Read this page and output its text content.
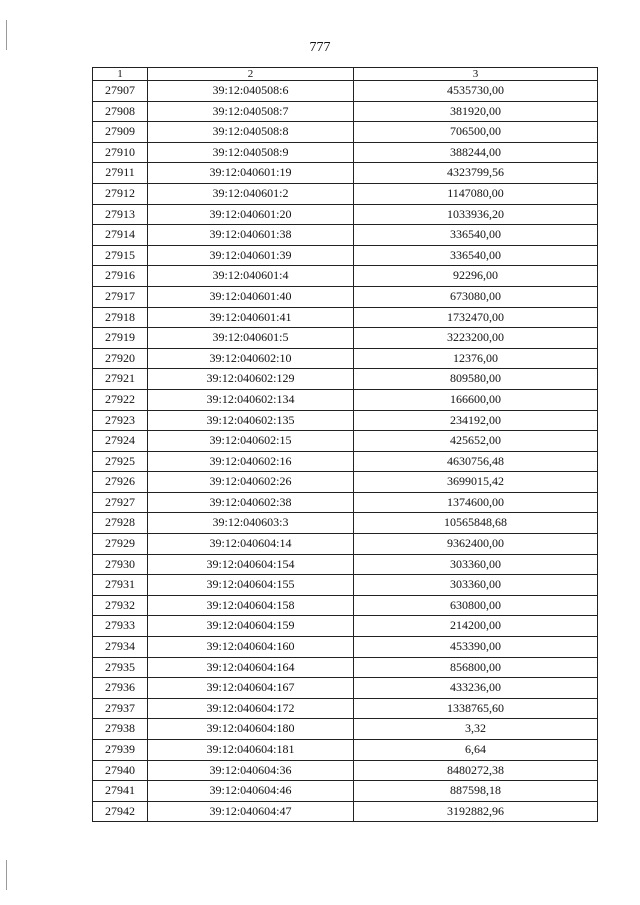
777
1	2	3
27907	39:12:040508:6	4535730,00
27908	39:12:040508:7	381920,00
27909	39:12:040508:8	706500,00
27910	39:12:040508:9	388244,00
27911	39:12:040601:19	4323799,56
27912	39:12:040601:2	1147080,00
27913	39:12:040601:20	1033936,20
27914	39:12:040601:38	336540,00
27915	39:12:040601:39	336540,00
27916	39:12:040601:4	92296,00
27917	39:12:040601:40	673080,00
27918	39:12:040601:41	1732470,00
27919	39:12:040601:5	3223200,00
27920	39:12:040602:10	12376,00
27921	39:12:040602:129	809580,00
27922	39:12:040602:134	166600,00
27923	39:12:040602:135	234192,00
27924	39:12:040602:15	425652,00
27925	39:12:040602:16	4630756,48
27926	39:12:040602:26	3699015,42
27927	39:12:040602:38	1374600,00
27928	39:12:040603:3	10565848,68
27929	39:12:040604:14	9362400,00
27930	39:12:040604:154	303360,00
27931	39:12:040604:155	303360,00
27932	39:12:040604:158	630800,00
27933	39:12:040604:159	214200,00
27934	39:12:040604:160	453390,00
27935	39:12:040604:164	856800,00
27936	39:12:040604:167	433236,00
27937	39:12:040604:172	1338765,60
27938	39:12:040604:180	3,32
27939	39:12:040604:181	6,64
27940	39:12:040604:36	8480272,38
27941	39:12:040604:46	887598,18
27942	39:12:040604:47	3192882,96
